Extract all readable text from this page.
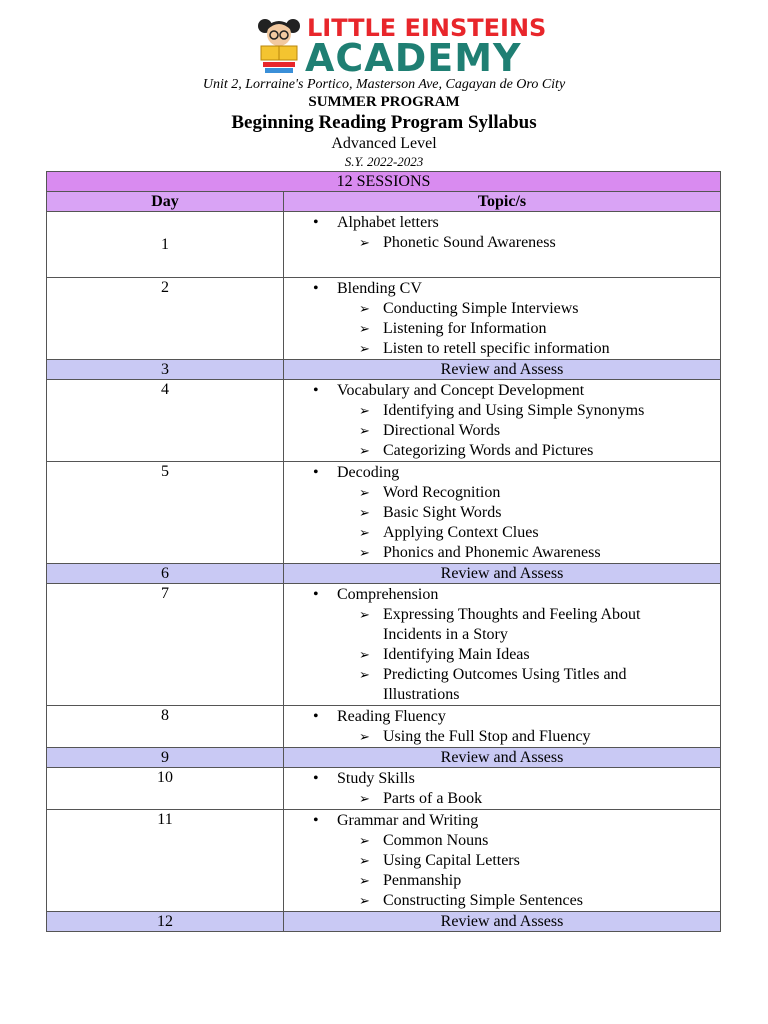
LITTLE EINSTEINS
ACADEMY
Unit 2, Lorraine's Portico, Masterson Ave, Cagayan de Oro City
SUMMER PROGRAM
Beginning Reading Program Syllabus
Advanced Level
S.Y. 2022-2023
12 SESSIONS	
Day	Topic/s
1	• Alphabet letters
➢ Phonetic Sound Awareness

2	• Blending CV
➢ Conducting Simple Interviews
➢ Listening for Information
➢ Listen to retell specific information

3	Review and Assess
4	• Vocabulary and Concept Development
➢ Identifying and Using Simple Synonyms
➢ Directional Words
➢ Categorizing Words and Pictures

5	• Decoding
➢ Word Recognition
➢ Basic Sight Words
➢ Applying Context Clues
➢ Phonics and Phonemic Awareness

6	Review and Assess
7	• Comprehension
➢ Expressing Thoughts and Feeling About Incidents in a Story
➢ Identifying Main Ideas
➢ Predicting Outcomes Using Titles and Illustrations

8	• Reading Fluency
➢ Using the Full Stop and Fluency

9	Review and Assess
10	• Study Skills
➢ Parts of a Book

11	• Grammar and Writing
➢ Common Nouns
➢ Using Capital Letters
➢ Penmanship
➢ Constructing Simple Sentences

12	Review and Assess
